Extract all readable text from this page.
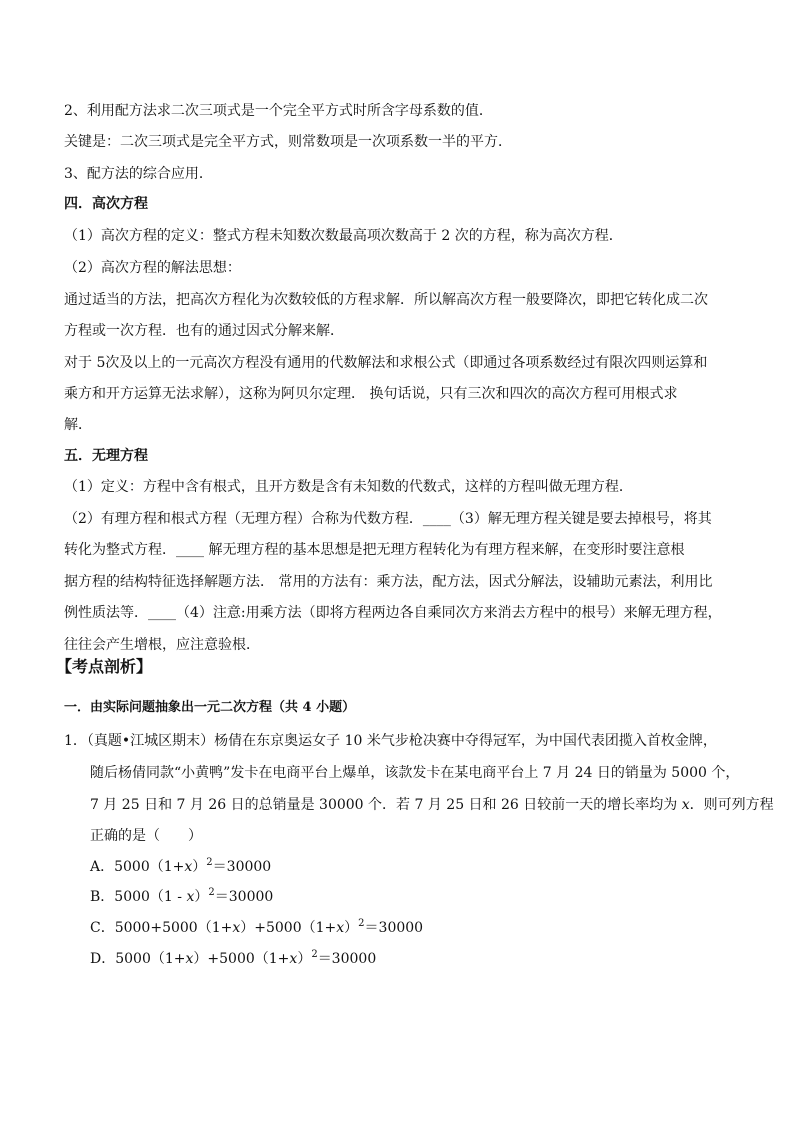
2、利用配方法求二次三项式是一个完全平方式时所含字母系数的值．
关键是：二次三项式是完全平方式，则常数项是一次项系数一半的平方．
3、配方法的综合应用．
四．高次方程
（1）高次方程的定义：整式方程未知数次数最高项次数高于 2 次的方程，称为高次方程．
（2）高次方程的解法思想：
通过适当的方法，把高次方程化为次数较低的方程求解．所以解高次方程一般要降次，即把它转化成二次
方程或一次方程．也有的通过因式分解来解．
对于 5次及以上的一元高次方程没有通用的代数解法和求根公式（即通过各项系数经过有限次四则运算和
乘方和开方运算无法求解），这称为阿贝尔定理． 换句话说，只有三次和四次的高次方程可用根式求
解．
五．无理方程
（1）定义：方程中含有根式，且开方数是含有未知数的代数式，这样的方程叫做无理方程．
（2）有理方程和根式方程（无理方程）合称为代数方程．____（3）解无理方程关键是要去掉根号，将其
转化为整式方程．____ 解无理方程的基本思想是把无理方程转化为有理方程来解，在变形时要注意根
据方程的结构特征选择解题方法． 常用的方法有：乘方法，配方法，因式分解法，设辅助元素法，利用比
例性质法等．____（4）注意:用乘方法（即将方程两边各自乘同次方来消去方程中的根号）来解无理方程，
往往会产生增根，应注意验根．
【考点剖析】
一．由实际问题抽象出一元二次方程（共 4 小题）
1．（真题•江城区期末）杨倩在东京奥运女子 10 米气步枪决赛中夺得冠军，为中国代表团揽入首枚金牌，
随后杨倩同款“小黄鸭”发卡在电商平台上爆单，该款发卡在某电商平台上 7 月 24 日的销量为 5000 个，
7 月 25 日和 7 月 26 日的总销量是 30000 个．若 7 月 25 日和 26 日较前一天的增长率均为 x．则可列方程
正确的是（　　）
A．$5000(1+x)^2=30000$
B．5000（1 - x）$^2$＝30000
C．$5000+5000(1+x)+5000(1+x)^2=30000$
D．$5000(1+x)+5000(1+x)^2=30000$
